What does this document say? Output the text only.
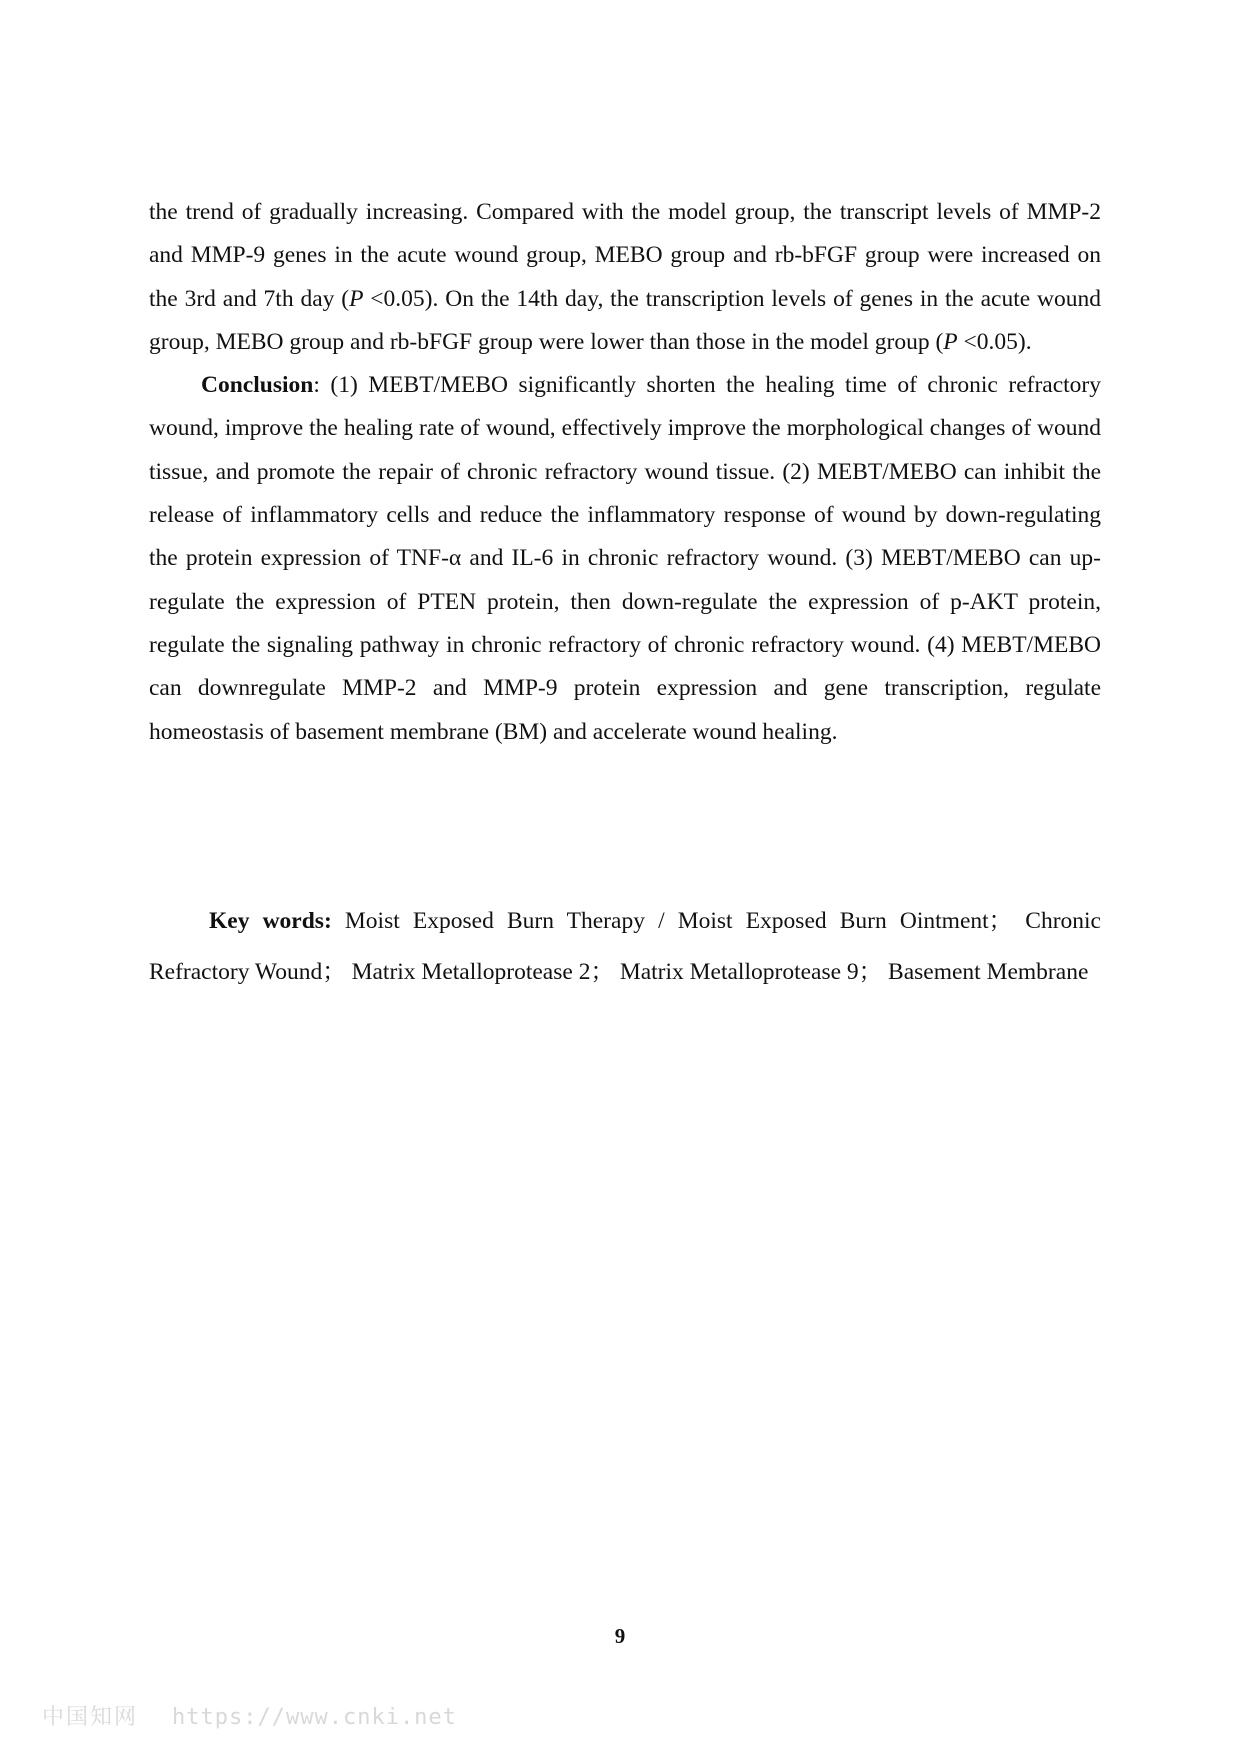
the trend of gradually increasing. Compared with the model group, the transcript levels of MMP-2 and MMP-9 genes in the acute wound group, MEBO group and rb-bFGF group were increased on the 3rd and 7th day (P <0.05). On the 14th day, the transcription levels of genes in the acute wound group, MEBO group and rb-bFGF group were lower than those in the model group (P <0.05).

Conclusion: (1) MEBT/MEBO significantly shorten the healing time of chronic refractory wound, improve the healing rate of wound, effectively improve the morphological changes of wound tissue, and promote the repair of chronic refractory wound tissue. (2) MEBT/MEBO can inhibit the release of inflammatory cells and reduce the inflammatory response of wound by down-regulating the protein expression of TNF-α and IL-6 in chronic refractory wound. (3) MEBT/MEBO can up-regulate the expression of PTEN protein, then down-regulate the expression of p-AKT protein, regulate the signaling pathway in chronic refractory of chronic refractory wound. (4) MEBT/MEBO can downregulate MMP-2 and MMP-9 protein expression and gene transcription, regulate homeostasis of basement membrane (BM) and accelerate wound healing.

Key words: Moist Exposed Burn Therapy / Moist Exposed Burn Ointment； Chronic Refractory Wound； Matrix Metalloprotease 2； Matrix Metalloprotease 9； Basement Membrane

9
中国知网 https://www.cnki.net
